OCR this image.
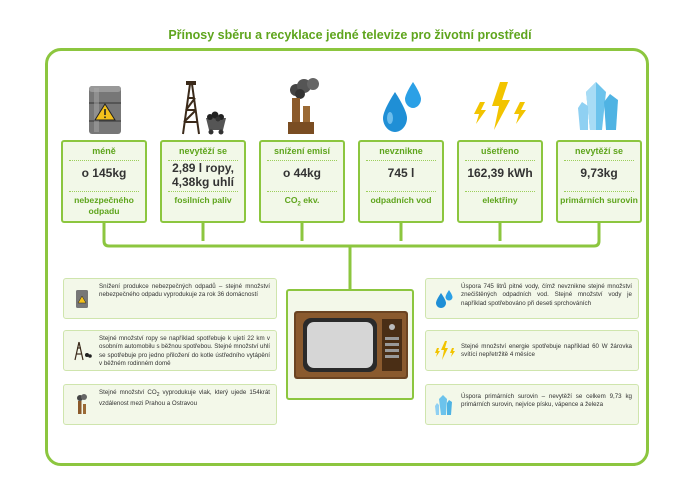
Přínosy sběru a recyklace jedné televize pro životní prostředí
méně
o 145kg
nebezpečného odpadu
nevytěží se
2,89 l ropy,
4,38kg uhlí
fosilních paliv
snížení emisí
o 44kg
$CO_2$ ekv.
nevznikne
745 l
odpadních vod
ušetřeno
162,39 kWh
elektřiny
nevytěží se
9,73kg
primárních surovin
Snížení produkce nebezpečných odpadů – stejné množství nebezpečného odpadu vyprodukuje za rok 36 domácností
Stejné množství ropy se například spotřebuje k ujetí 22 km v osobním automobilu s běžnou spotřebou. Stejné množství uhlí se spotřebuje pro jedno přiložení do kotle ústředního vytápění v běžném rodinném domě
Stejné množství $CO_2$ vyprodukuje vlak, který ujede 154krát vzdálenost mezi Prahou a Ostravou
Úspora 745 litrů pitné vody, čímž nevznikne stejné množství znečištěných odpadních vod. Stejné množství vody je například spotřebováno při deseti sprchováních
Stejné množství energie spotřebuje například 60 W žárovka svítící nepřetržitě 4 měsíce
Úspora primárních surovin – nevytěží se celkem 9,73 kg primárních surovin, nejvíce písku, vápence a železa
